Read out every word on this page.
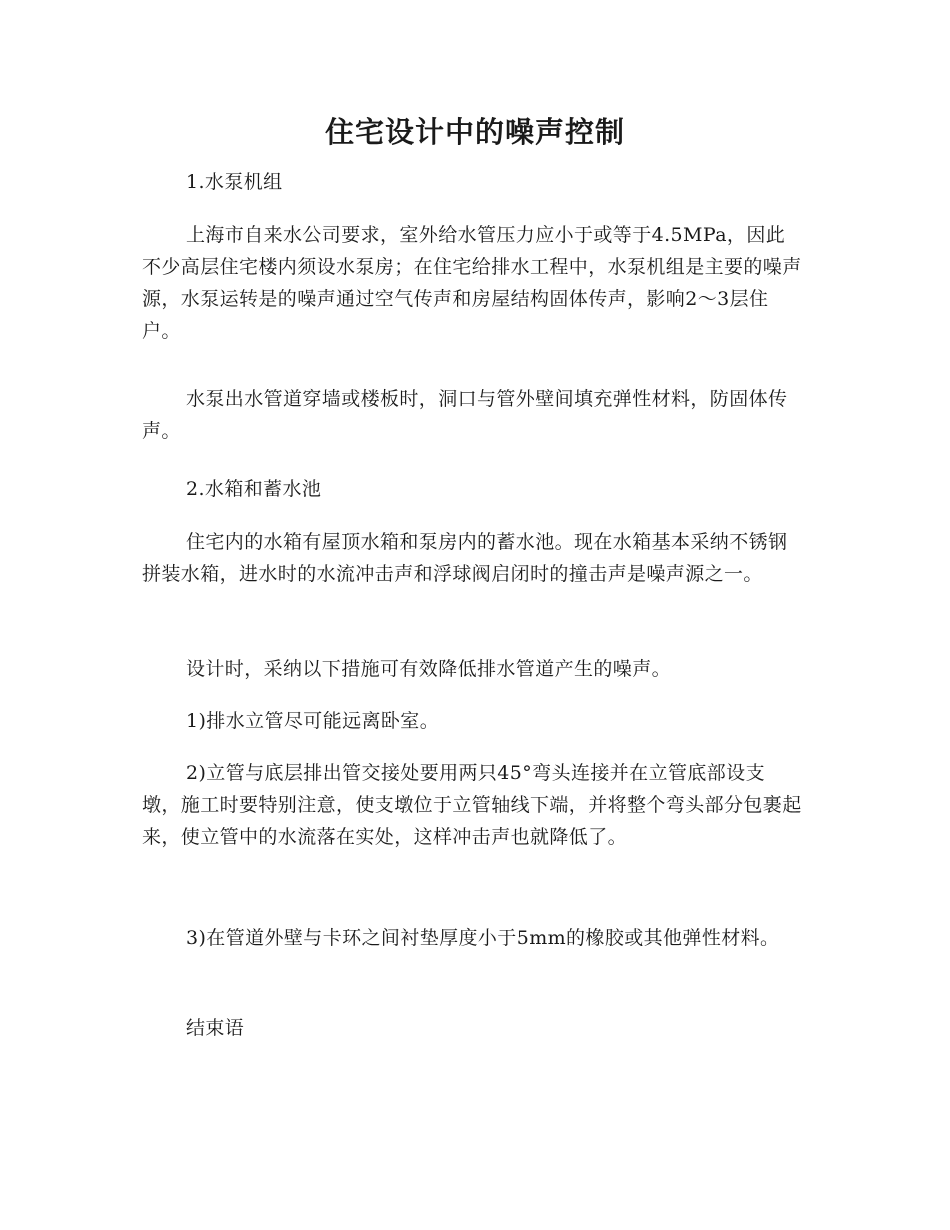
住宅设计中的噪声控制
1.水泵机组
上海市自来水公司要求，室外给水管压力应小于或等于4.5MPa，因此不少高层住宅楼内须设水泵房；在住宅给排水工程中，水泵机组是主要的噪声源，水泵运转是的噪声通过空气传声和房屋结构固体传声，影响2～3层住户。
水泵出水管道穿墙或楼板时，洞口与管外壁间填充弹性材料，防固体传声。
2.水箱和蓄水池
住宅内的水箱有屋顶水箱和泵房内的蓄水池。现在水箱基本采纳不锈钢拼装水箱，进水时的水流冲击声和浮球阀启闭时的撞击声是噪声源之一。
设计时，采纳以下措施可有效降低排水管道产生的噪声。
1)排水立管尽可能远离卧室。
2)立管与底层排出管交接处要用两只45°弯头连接并在立管底部设支墩，施工时要特别注意，使支墩位于立管轴线下端，并将整个弯头部分包裹起来，使立管中的水流落在实处，这样冲击声也就降低了。
3)在管道外壁与卡环之间衬垫厚度小于5mm的橡胶或其他弹性材料。
结束语
